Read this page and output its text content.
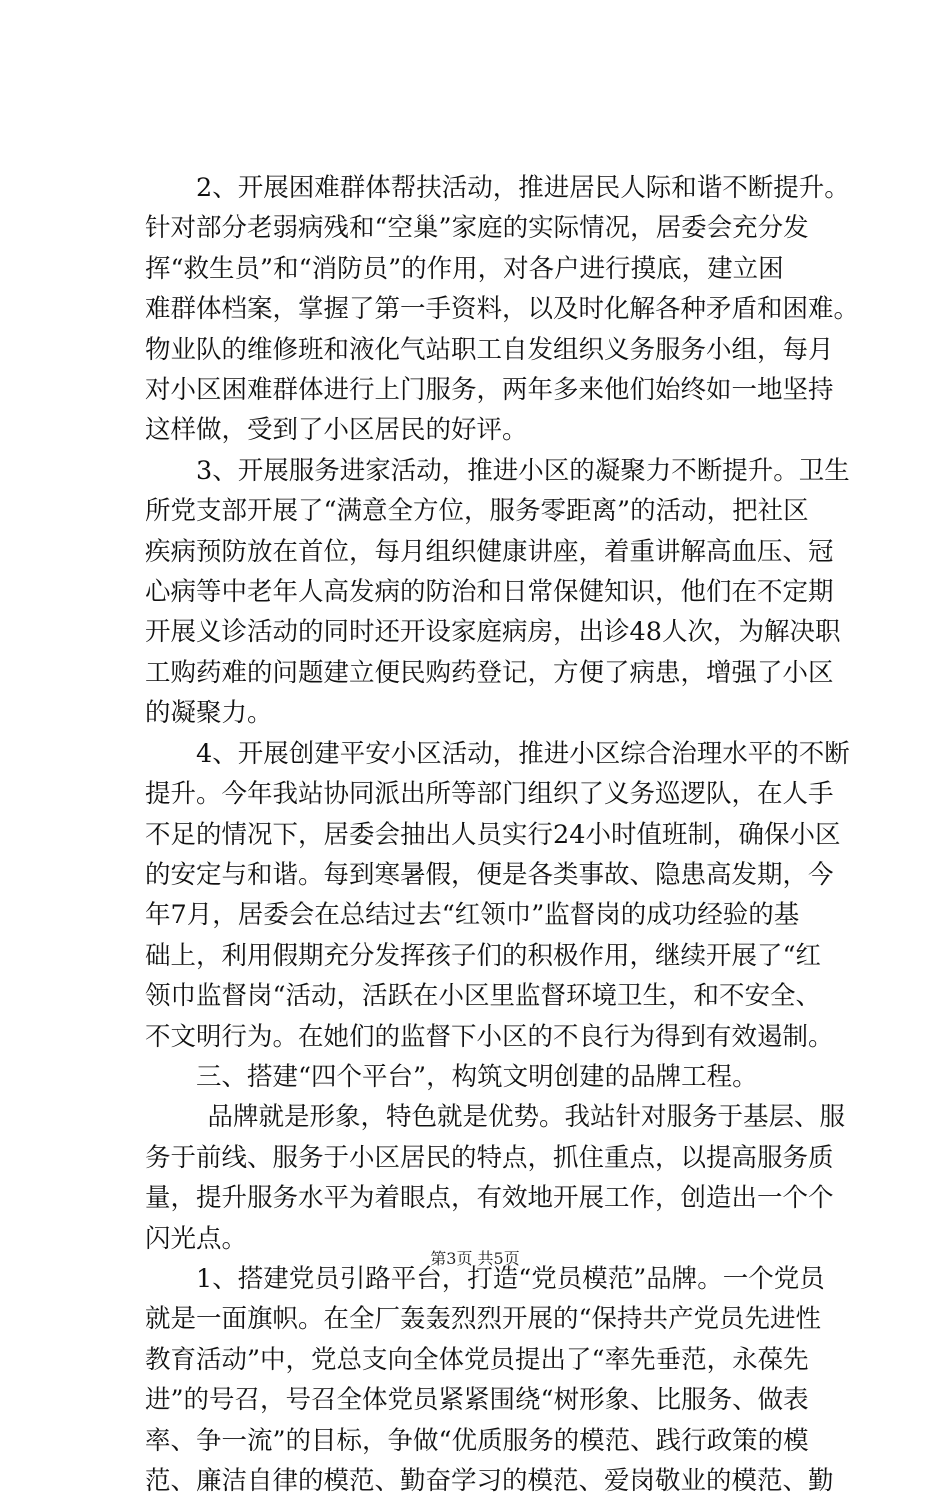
2、开展困难群体帮扶活动，推进居民人际和谐不断提升。
针对部分老弱病残和“空巢”家庭的实际情况，居委会充分发
挥“救生员”和“消防员”的作用，对各户进行摸底，建立困
难群体档案，掌握了第一手资料，以及时化解各种矛盾和困难。
物业队的维修班和液化气站职工自发组织义务服务小组，每月
对小区困难群体进行上门服务，两年多来他们始终如一地坚持
这样做，受到了小区居民的好评。
3、开展服务进家活动，推进小区的凝聚力不断提升。卫生
所党支部开展了“满意全方位，服务零距离”的活动，把社区
疾病预防放在首位，每月组织健康讲座，着重讲解高血压、冠
心病等中老年人高发病的防治和日常保健知识，他们在不定期
开展义诊活动的同时还开设家庭病房，出诊48人次，为解决职
工购药难的问题建立便民购药登记，方便了病患，增强了小区
的凝聚力。
4、开展创建平安小区活动，推进小区综合治理水平的不断
提升。今年我站协同派出所等部门组织了义务巡逻队，在人手
不足的情况下，居委会抽出人员实行24小时值班制，确保小区
的安定与和谐。每到寒暑假，便是各类事故、隐患高发期，今
年7月，居委会在总结过去“红领巾”监督岗的成功经验的基
础上，利用假期充分发挥孩子们的积极作用，继续开展了“红
领巾监督岗“活动，活跃在小区里监督环境卫生，和不安全、
不文明行为。在她们的监督下小区的不良行为得到有效遏制。
三、搭建“四个平台”，构筑文明创建的品牌工程。
品牌就是形象，特色就是优势。我站针对服务于基层、服
务于前线、服务于小区居民的特点，抓住重点，以提高服务质
量，提升服务水平为着眼点，有效地开展工作，创造出一个个
闪光点。
1、搭建党员引路平台，打造“党员模范”品牌。一个党员
就是一面旗帜。在全厂轰轰烈烈开展的“保持共产党员先进性
教育活动”中，党总支向全体党员提出了“率先垂范，永葆先
进”的号召，号召全体党员紧紧围绕“树形象、比服务、做表
率、争一流”的目标，争做“优质服务的模范、践行政策的模
范、廉洁自律的模范、勤奋学习的模范、爱岗敬业的模范、勤
第3页 共5页
